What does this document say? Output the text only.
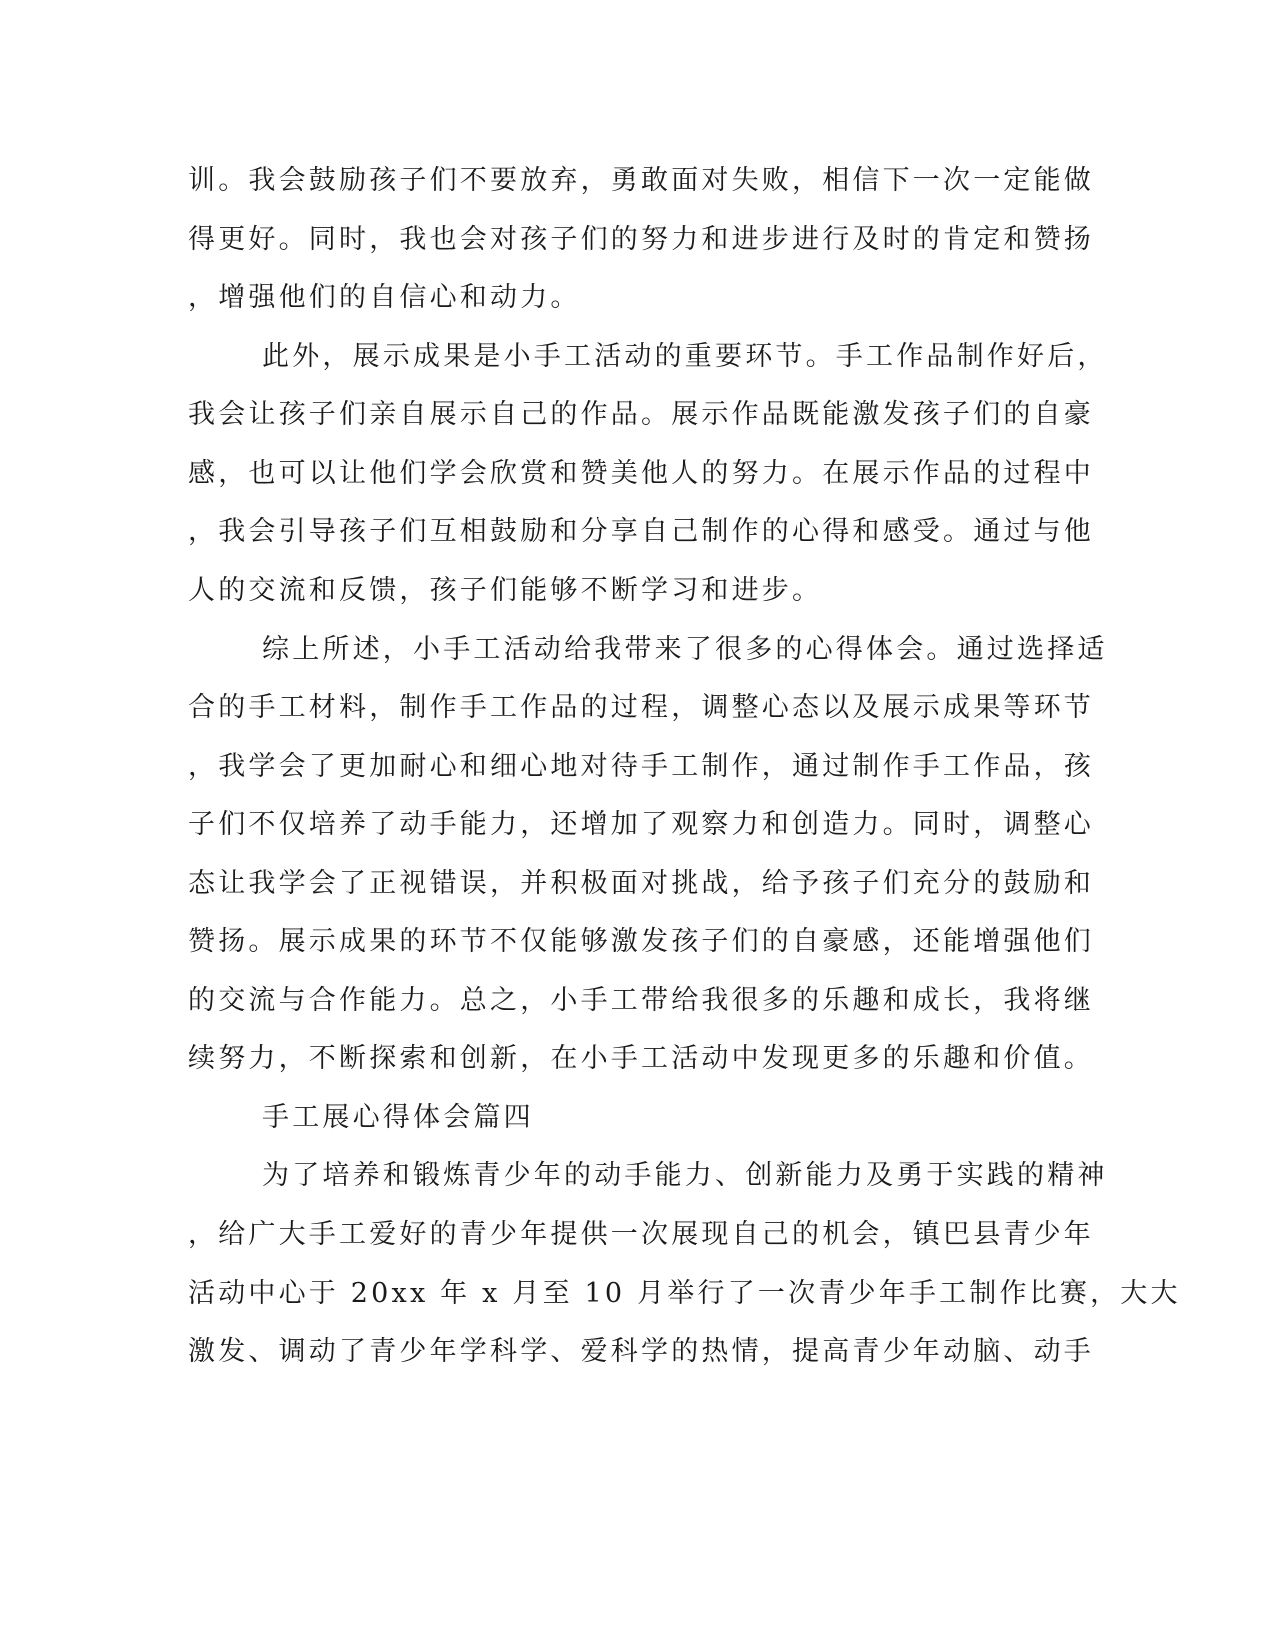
训。我会鼓励孩子们不要放弃，勇敢面对失败，相信下一次一定能做
得更好。同时，我也会对孩子们的努力和进步进行及时的肯定和赞扬
，增强他们的自信心和动力。
此外，展示成果是小手工活动的重要环节。手工作品制作好后，
我会让孩子们亲自展示自己的作品。展示作品既能激发孩子们的自豪
感，也可以让他们学会欣赏和赞美他人的努力。在展示作品的过程中
，我会引导孩子们互相鼓励和分享自己制作的心得和感受。通过与他
人的交流和反馈，孩子们能够不断学习和进步。
综上所述，小手工活动给我带来了很多的心得体会。通过选择适
合的手工材料，制作手工作品的过程，调整心态以及展示成果等环节
，我学会了更加耐心和细心地对待手工制作，通过制作手工作品，孩
子们不仅培养了动手能力，还增加了观察力和创造力。同时，调整心
态让我学会了正视错误，并积极面对挑战，给予孩子们充分的鼓励和
赞扬。展示成果的环节不仅能够激发孩子们的自豪感，还能增强他们
的交流与合作能力。总之，小手工带给我很多的乐趣和成长，我将继
续努力，不断探索和创新，在小手工活动中发现更多的乐趣和价值。
手工展心得体会篇四
为了培养和锻炼青少年的动手能力、创新能力及勇于实践的精神
，给广大手工爱好的青少年提供一次展现自己的机会，镇巴县青少年
活动中心于 20xx 年 x 月至 10 月举行了一次青少年手工制作比赛，大大
激发、调动了青少年学科学、爱科学的热情，提高青少年动脑、动手
